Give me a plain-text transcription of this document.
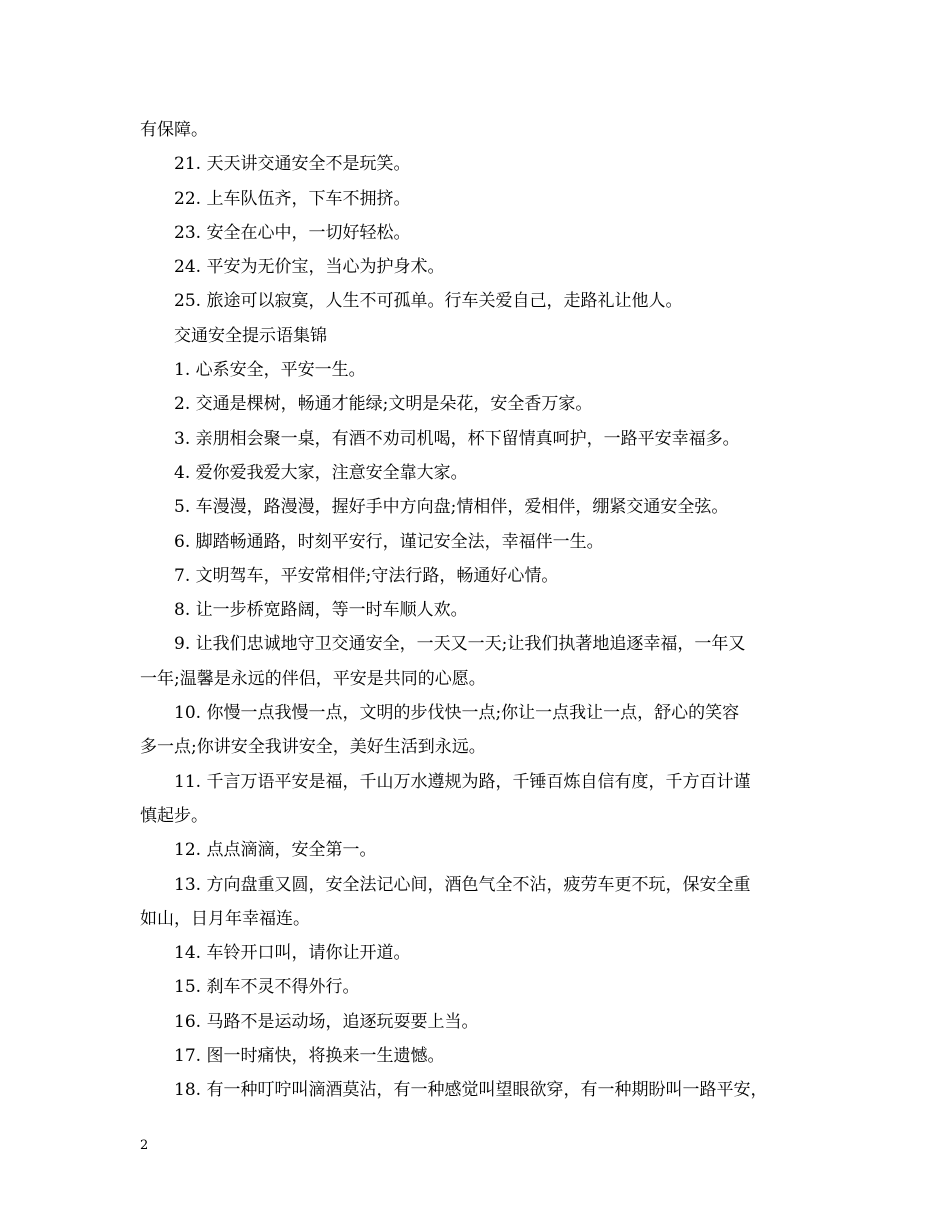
有保障。
21. 天天讲交通安全不是玩笑。
22. 上车队伍齐，下车不拥挤。
23. 安全在心中，一切好轻松。
24. 平安为无价宝，当心为护身术。
25. 旅途可以寂寞，人生不可孤单。行车关爱自己，走路礼让他人。
交通安全提示语集锦
1. 心系安全，平安一生。
2. 交通是棵树，畅通才能绿;文明是朵花，安全香万家。
3. 亲朋相会聚一桌，有酒不劝司机喝，杯下留情真呵护，一路平安幸福多。
4. 爱你爱我爱大家，注意安全靠大家。
5. 车漫漫，路漫漫，握好手中方向盘;情相伴，爱相伴，绷紧交通安全弦。
6. 脚踏畅通路，时刻平安行，谨记安全法，幸福伴一生。
7. 文明驾车，平安常相伴;守法行路，畅通好心情。
8. 让一步桥宽路阔，等一时车顺人欢。
9. 让我们忠诚地守卫交通安全，一天又一天;让我们执著地追逐幸福，一年又
一年;温馨是永远的伴侣，平安是共同的心愿。
10. 你慢一点我慢一点，文明的步伐快一点;你让一点我让一点，舒心的笑容
多一点;你讲安全我讲安全，美好生活到永远。
11. 千言万语平安是福，千山万水遵规为路，千锤百炼自信有度，千方百计谨
慎起步。
12. 点点滴滴，安全第一。
13. 方向盘重又圆，安全法记心间，酒色气全不沾，疲劳车更不玩，保安全重
如山，日月年幸福连。
14. 车铃开口叫，请你让开道。
15. 刹车不灵不得外行。
16. 马路不是运动场，追逐玩耍要上当。
17. 图一时痛快，将换来一生遗憾。
18. 有一种叮咛叫滴酒莫沾，有一种感觉叫望眼欲穿，有一种期盼叫一路平安，
2
